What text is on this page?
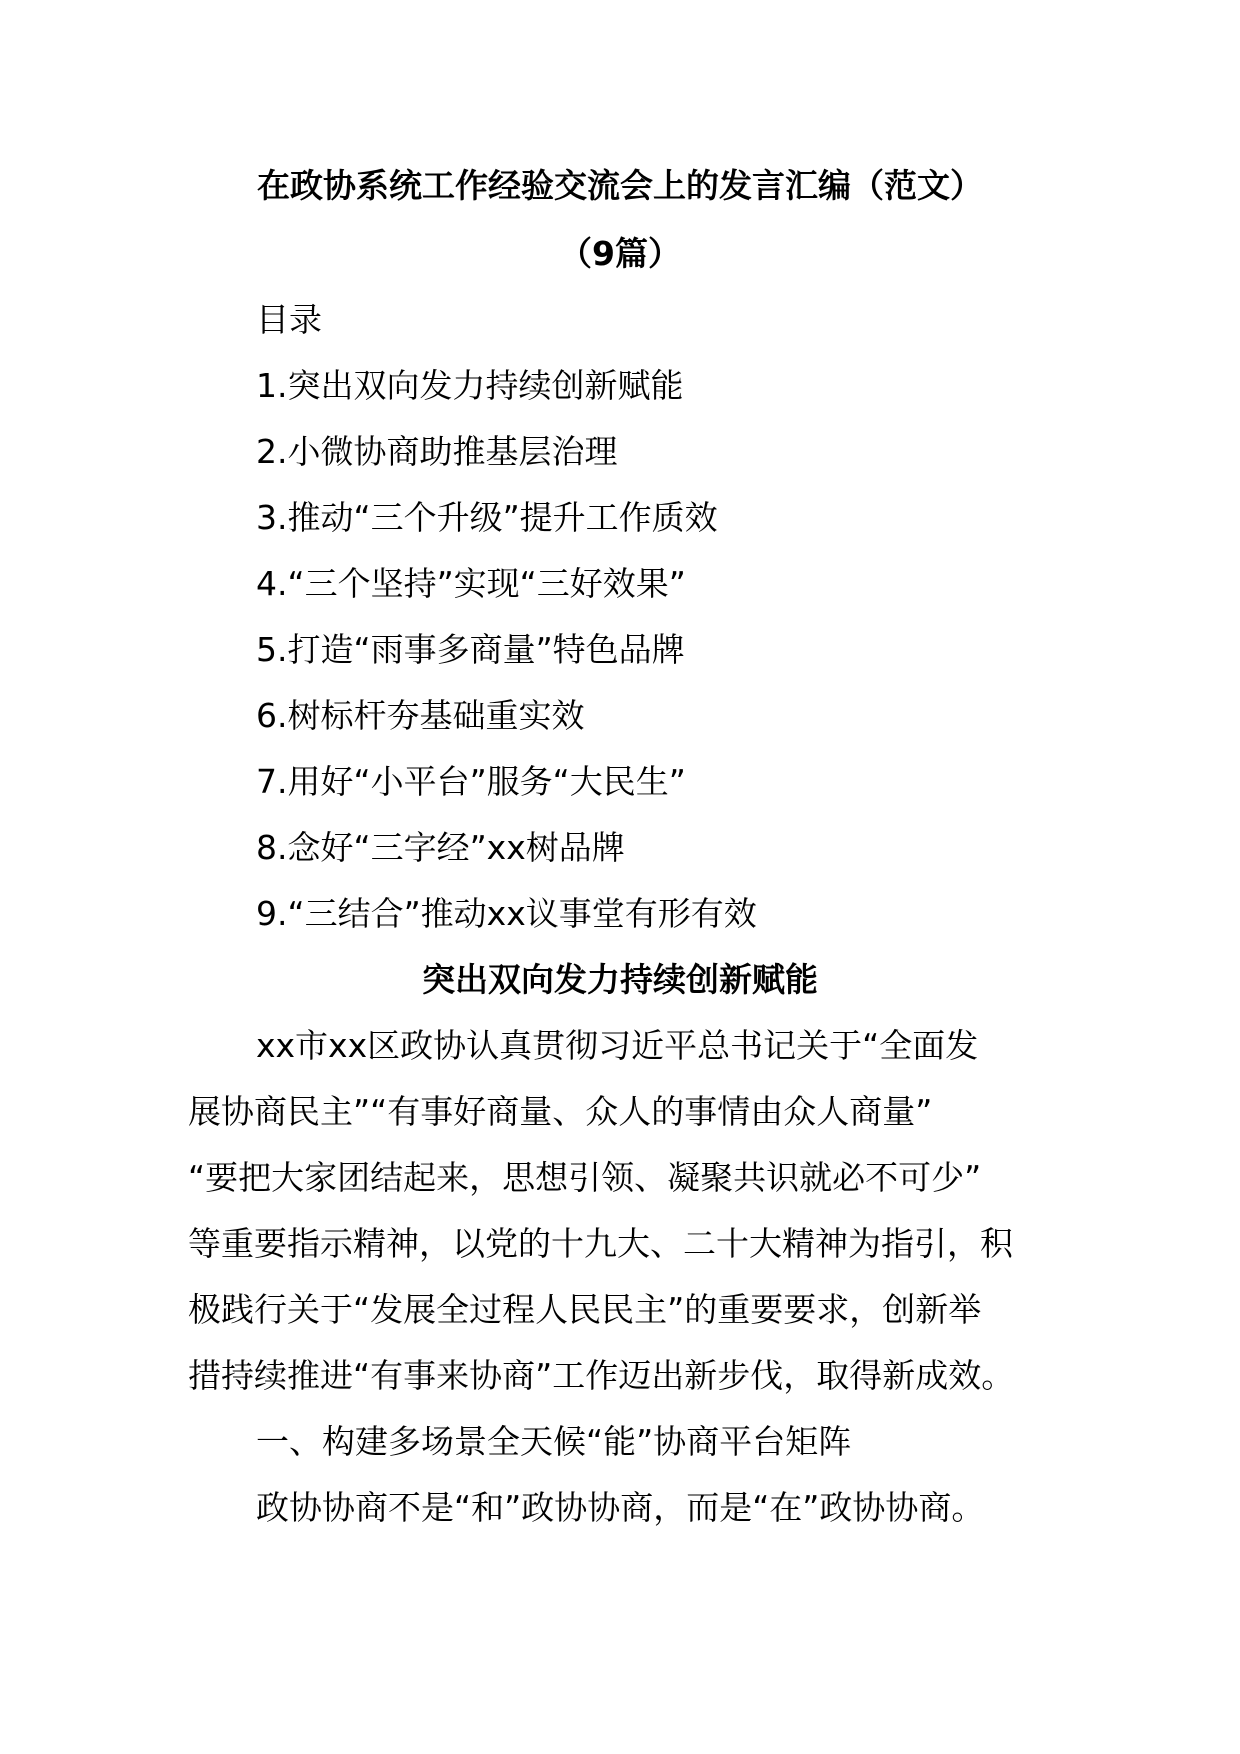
在政协系统工作经验交流会上的发言汇编（范文）
（9篇）
目录
1.突出双向发力持续创新赋能
2.小微协商助推基层治理
3.推动“三个升级”提升工作质效
4.“三个坚持”实现“三好效果”
5.打造“雨事多商量”特色品牌
6.树标杆夯基础重实效
7.用好“小平台”服务“大民生”
8.念好“三字经”xx树品牌
9.“三结合”推动xx议事堂有形有效
突出双向发力持续创新赋能
xx市xx区政协认真贯彻习近平总书记关于“全面发
展协商民主”“有事好商量、众人的事情由众人商量”
“要把大家团结起来，思想引领、凝聚共识就必不可少”
等重要指示精神，以党的十九大、二十大精神为指引，积
极践行关于“发展全过程人民民主”的重要要求，创新举
措持续推进“有事来协商”工作迈出新步伐，取得新成效。
一、构建多场景全天候“能”协商平台矩阵
政协协商不是“和”政协协商，而是“在”政协协商。
